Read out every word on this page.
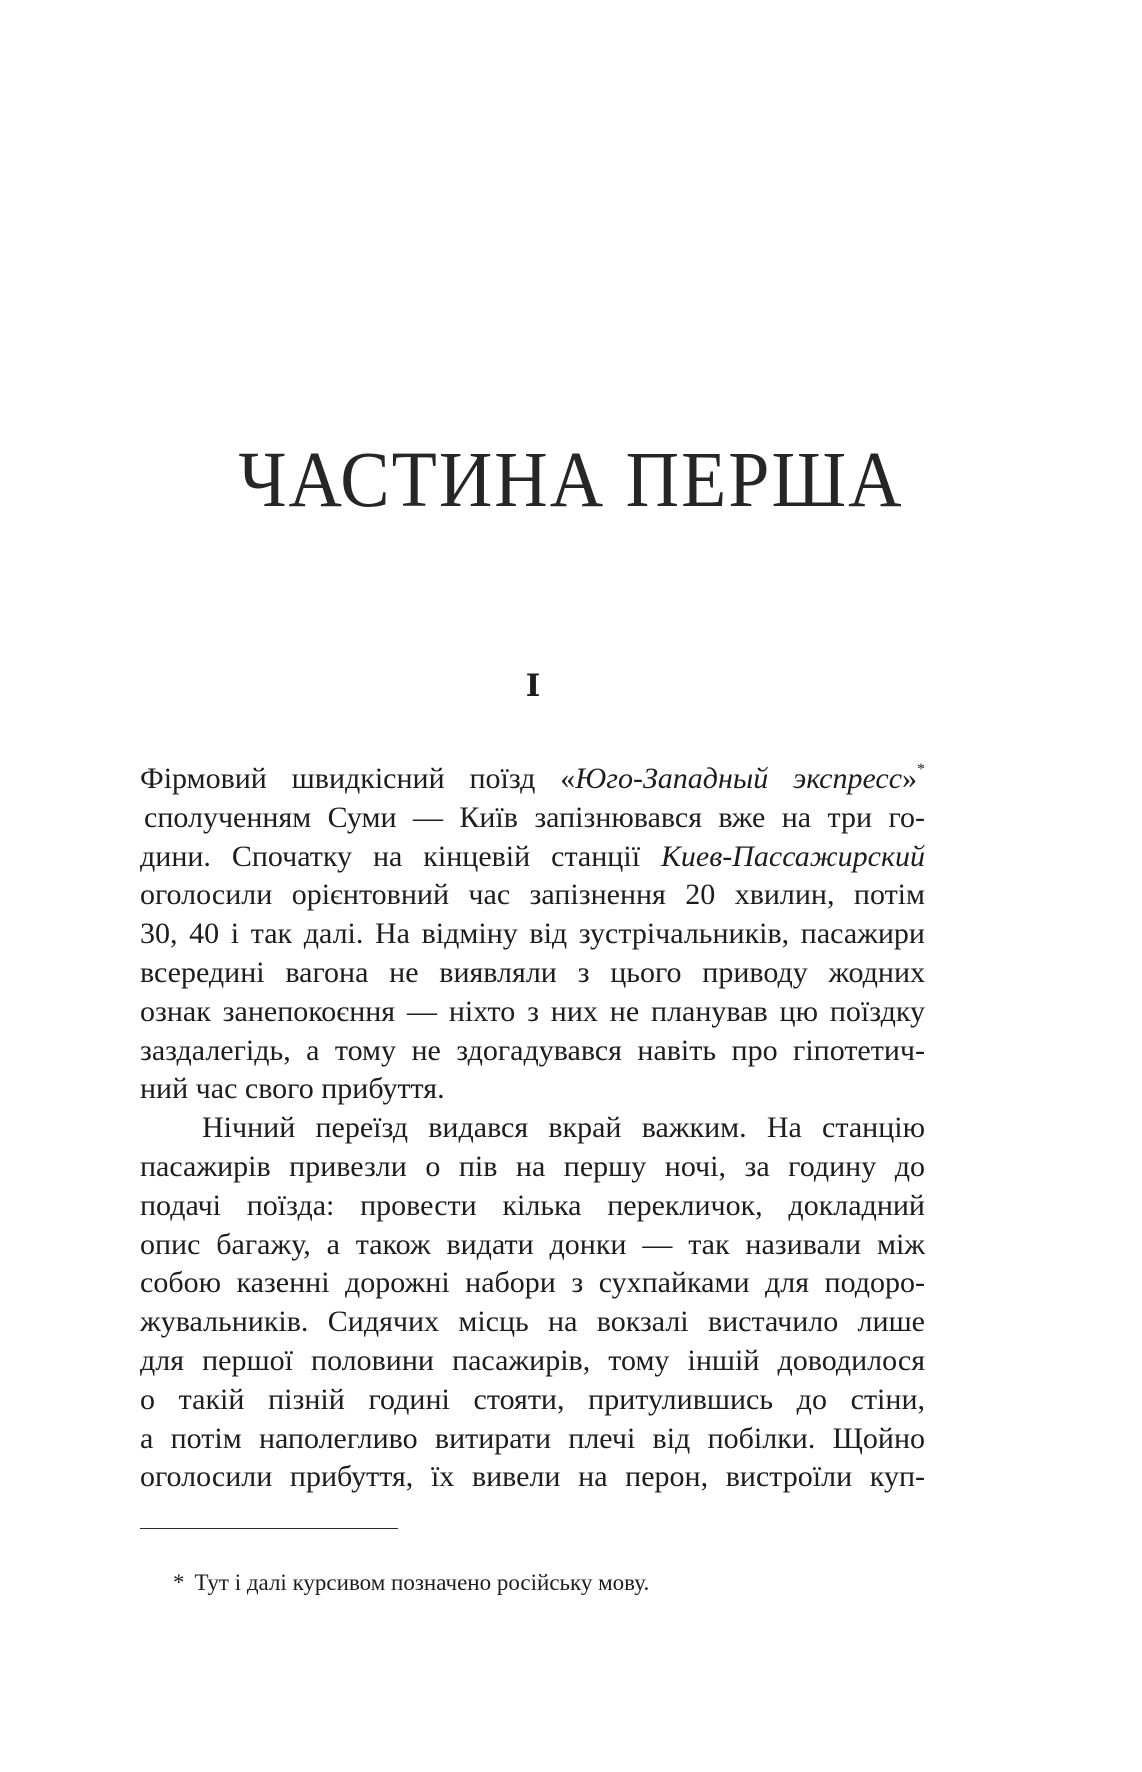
ЧАСТИНА ПЕРША
I
Фірмовий швидкісний поїзд «Юго-Западный экспресс»*
сполученням Суми — Київ запізнювався вже на три го-
дини. Спочатку на кінцевій станції Киев-Пассажирский
оголосили орієнтовний час запізнення 20 хвилин, потім
30, 40 і так далі. На відміну від зустрічальників, пасажири
всередині вагона не виявляли з цього приводу жодних
ознак занепокоєння — ніхто з них не планував цю поїздку
заздалегідь, а тому не здогадувався навіть про гіпотетич-
ний час свого прибуття.
Нічний переїзд видався вкрай важким. На станцію
пасажирів привезли о пів на першу ночі, за годину до
подачі поїзда: провести кілька перекличок, докладний
опис багажу, а також видати донки — так називали між
собою казенні дорожні набори з сухпайками для подоро-
жувальників. Сидячих місць на вокзалі вистачило лише
для першої половини пасажирів, тому іншій доводилося
о такій пізній годині стояти, притулившись до стіни,
а потім наполегливо витирати плечі від побілки. Щойно
оголосили прибуття, їх вивели на перон, вистроїли куп-
* Тут і далі курсивом позначено російську мову.
